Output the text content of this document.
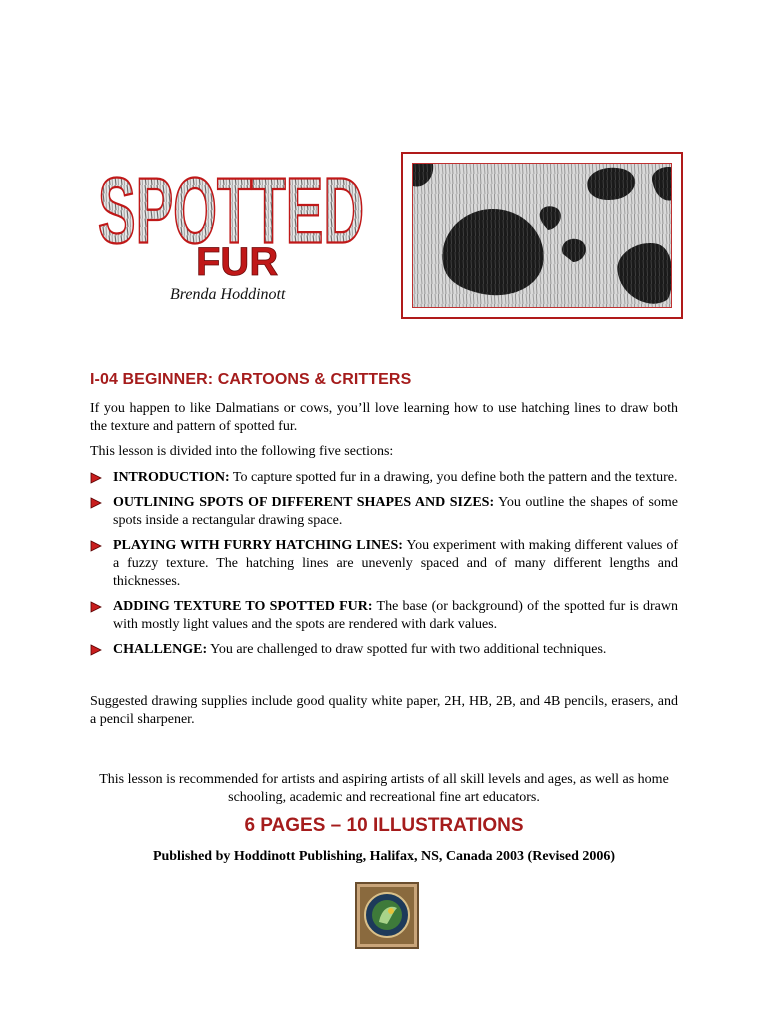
SPOTTED
FUR
Brenda Hoddinott
I-04 BEGINNER: CARTOONS & CRITTERS
If you happen to like Dalmatians or cows, you’ll love learning how to use hatching lines to draw both the texture and pattern of spotted fur.
This lesson is divided into the following five sections:
INTRODUCTION: To capture spotted fur in a drawing, you define both the pattern and the texture.
OUTLINING SPOTS OF DIFFERENT SHAPES AND SIZES: You outline the shapes of some spots inside a rectangular drawing space.
PLAYING WITH FURRY HATCHING LINES: You experiment with making different values of a fuzzy texture. The hatching lines are unevenly spaced and of many different lengths and thicknesses.
ADDING TEXTURE TO SPOTTED FUR: The base (or background) of the spotted fur is drawn with mostly light values and the spots are rendered with dark values.
CHALLENGE: You are challenged to draw spotted fur with two additional techniques.
Suggested drawing supplies include good quality white paper, 2H, HB, 2B, and 4B pencils, erasers, and a pencil sharpener.
This lesson is recommended for artists and aspiring artists of all skill levels and ages, as well as home schooling, academic and recreational fine art educators.
6 PAGES – 10 ILLUSTRATIONS
Published by Hoddinott Publishing, Halifax, NS, Canada 2003 (Revised 2006)
